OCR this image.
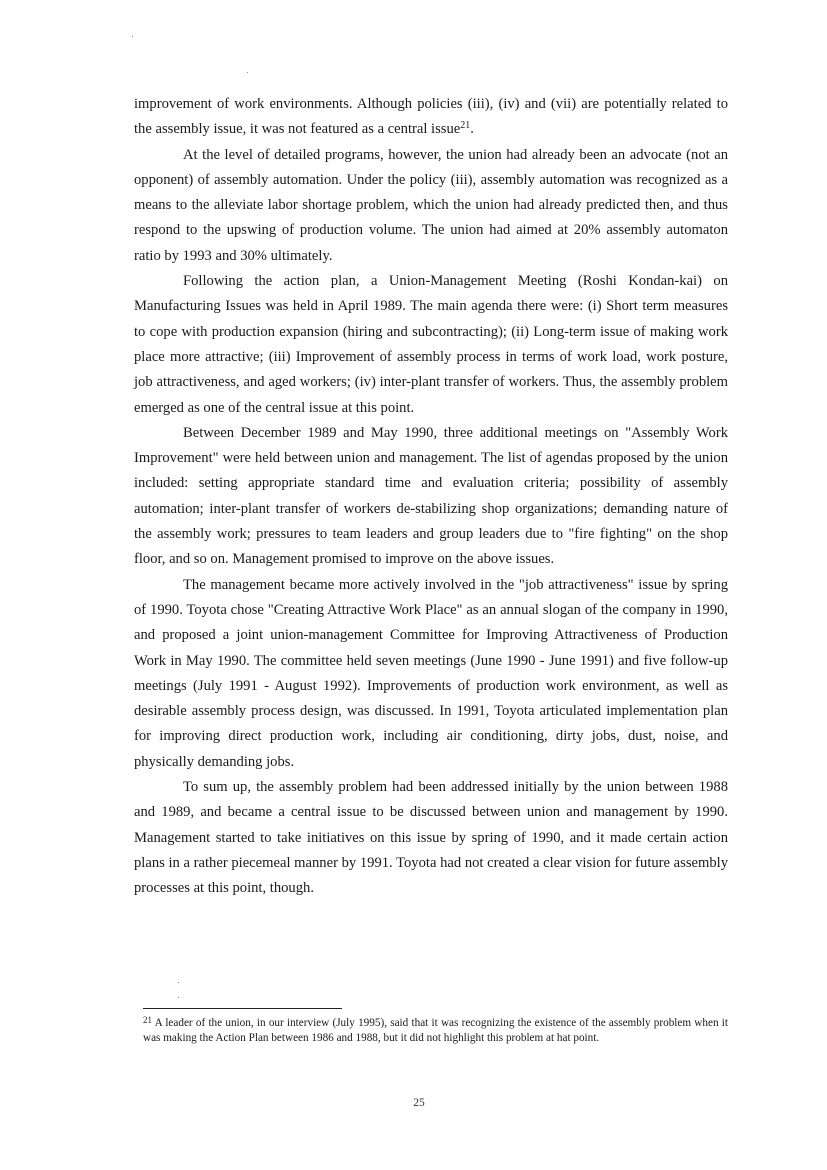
improvement of work environments. Although policies (iii), (iv) and (vii) are potentially related to the assembly issue, it was not featured as a central issue$^{21}$.

At the level of detailed programs, however, the union had already been an advocate (not an opponent) of assembly automation. Under the policy (iii), assembly automation was recognized as a means to the alleviate labor shortage problem, which the union had already predicted then, and thus respond to the upswing of production volume. The union had aimed at 20% assembly automaton ratio by 1993 and 30% ultimately.

Following the action plan, a Union-Management Meeting (Roshi Kondan-kai) on Manufacturing Issues was held in April 1989. The main agenda there were: (i) Short term measures to cope with production expansion (hiring and subcontracting); (ii) Long-term issue of making work place more attractive; (iii) Improvement of assembly process in terms of work load, work posture, job attractiveness, and aged workers; (iv) inter-plant transfer of workers. Thus, the assembly problem emerged as one of the central issue at this point.

Between December 1989 and May 1990, three additional meetings on "Assembly Work Improvement" were held between union and management. The list of agendas proposed by the union included: setting appropriate standard time and evaluation criteria; possibility of assembly automation; inter-plant transfer of workers de-stabilizing shop organizations; demanding nature of the assembly work; pressures to team leaders and group leaders due to "fire fighting" on the shop floor, and so on. Management promised to improve on the above issues.

The management became more actively involved in the "job attractiveness" issue by spring of 1990. Toyota chose "Creating Attractive Work Place" as an annual slogan of the company in 1990, and proposed a joint union-management Committee for Improving Attractiveness of Production Work in May 1990. The committee held seven meetings (June 1990 - June 1991) and five follow-up meetings (July 1991 - August 1992). Improvements of production work environment, as well as desirable assembly process design, was discussed. In 1991, Toyota articulated implementation plan for improving direct production work, including air conditioning, dirty jobs, dust, noise, and physically demanding jobs.

To sum up, the assembly problem had been addressed initially by the union between 1988 and 1989, and became a central issue to be discussed between union and management by 1990. Management started to take initiatives on this issue by spring of 1990, and it made certain action plans in a rather piecemeal manner by 1991. Toyota had not created a clear vision for future assembly processes at this point, though.

$^{21}$ A leader of the union, in our interview (July 1995), said that it was recognizing the existence of the assembly problem when it was making the Action Plan between 1986 and 1988, but it did not highlight this problem at hat point.

25
